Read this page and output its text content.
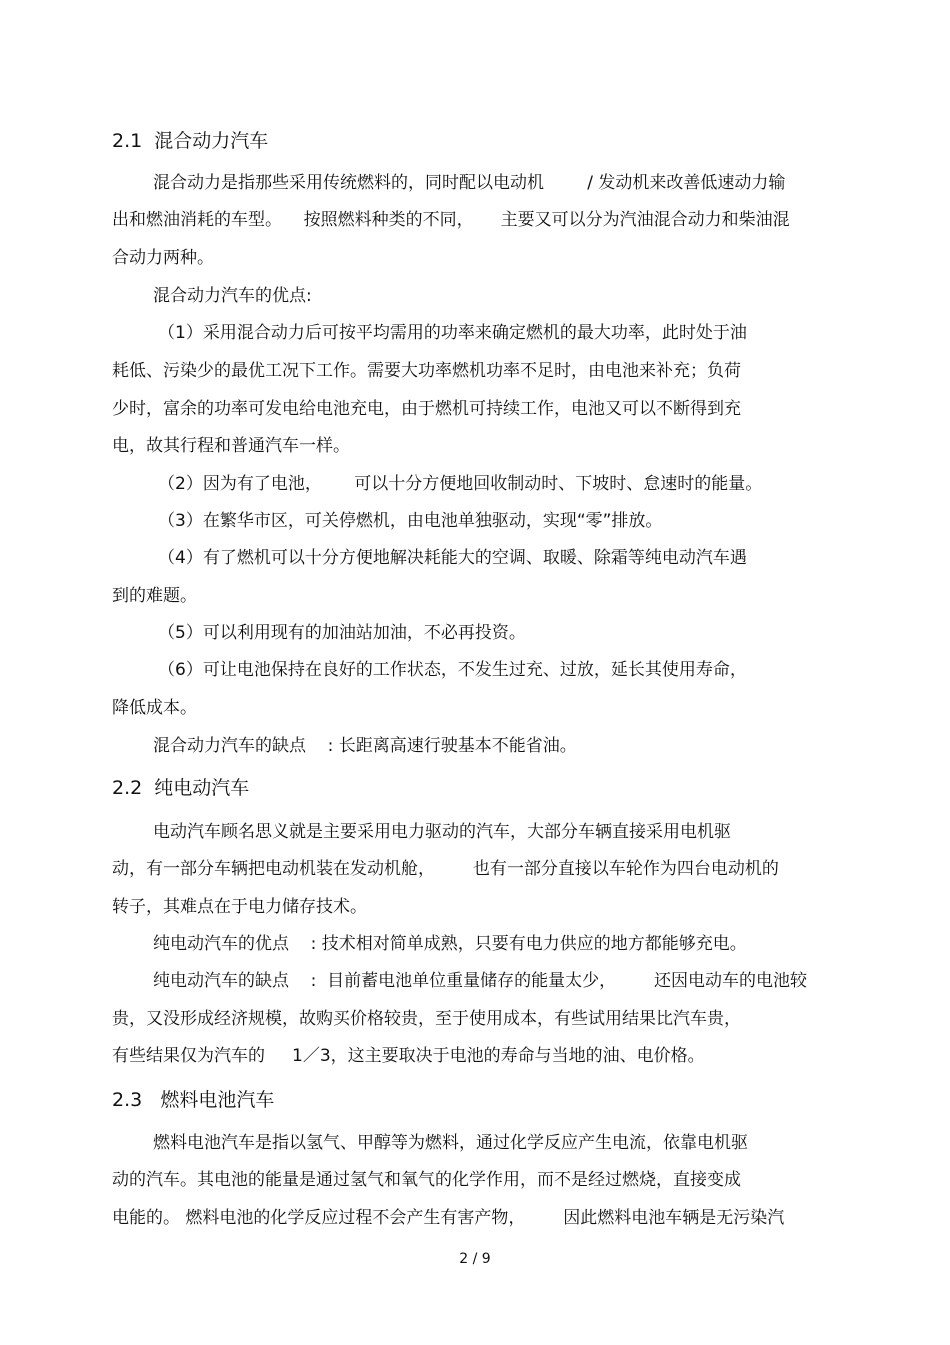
2.1  混合动力汽车
混合动力是指那些采用传统燃料的，同时配以电动机        / 发动机来改善低速动力输
出和燃油消耗的车型。    按照燃料种类的不同，     主要又可以分为汽油混合动力和柴油混
合动力两种。
混合动力汽车的优点:
（1）采用混合动力后可按平均需用的功率来确定燃机的最大功率，此时处于油
耗低、污染少的最优工况下工作。需要大功率燃机功率不足时，由电池来补充；负荷
少时，富余的功率可发电给电池充电，由于燃机可持续工作，电池又可以不断得到充
电，故其行程和普通汽车一样。
（2）因为有了电池，      可以十分方便地回收制动时、下坡时、怠速时的能量。
（3）在繁华市区，可关停燃机，由电池单独驱动，实现“零”排放。
（4）有了燃机可以十分方便地解决耗能大的空调、取暖、除霜等纯电动汽车遇
到的难题。
（5）可以利用现有的加油站加油，不必再投资。
（6）可让电池保持在良好的工作状态，不发生过充、过放，延长其使用寿命，
降低成本。
混合动力汽车的缺点    : 长距离高速行驶基本不能省油。
2.2  纯电动汽车
电动汽车顾名思义就是主要采用电力驱动的汽车，大部分车辆直接采用电机驱
动，有一部分车辆把电动机装在发动机舱，       也有一部分直接以车轮作为四台电动机的
转子，其难点在于电力储存技术。
纯电动汽车的优点    : 技术相对简单成熟，只要有电力供应的地方都能够充电。
纯电动汽车的缺点    :  目前蓄电池单位重量储存的能量太少，       还因电动车的电池较
贵，又没形成经济规模，故购买价格较贵，至于使用成本，有些试用结果比汽车贵，
有些结果仅为汽车的     1／3，这主要取决于电池的寿命与当地的油、电价格。
2.3   燃料电池汽车
燃料电池汽车是指以氢气、甲醇等为燃料，通过化学反应产生电流，依靠电机驱
动的汽车。其电池的能量是通过氢气和氧气的化学作用，而不是经过燃烧，直接变成
电能的。 燃料电池的化学反应过程不会产生有害产物，       因此燃料电池车辆是无污染汽
2 / 9
